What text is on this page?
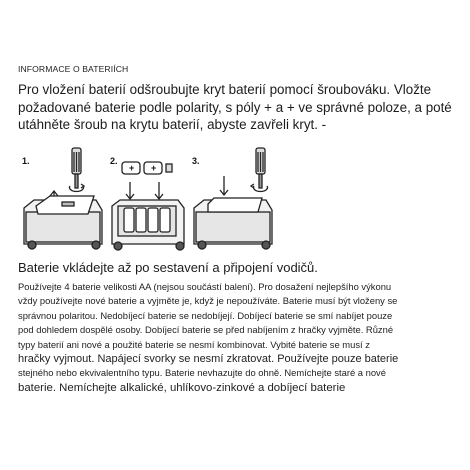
INFORMACE O BATERIÍCH
Pro vložení baterií odšroubujte kryt baterií pomocí šroubováku. Vložte požadované baterie podle polarity, s póly + a + ve správné poloze, a poté utáhněte šroub na krytu baterií, abyste zavřeli kryt. -
1.	2.
+ +
3.
Baterie vkládejte až po sestavení a připojení vodičů.
Používejte 4 baterie velikosti AA (nejsou součástí balení). Pro dosažení nejlepšího výkonu
vždy používejte nové baterie a vyjměte je, když je nepoužíváte. Baterie musí být vloženy se
správnou polaritou. Nedobíjecí baterie se nedobíjejí. Dobíjecí baterie se smí nabíjet pouze
pod dohledem dospělé osoby. Dobíjecí baterie se před nabíjením z hračky vyjměte. Různé
typy baterií ani nové a použité baterie se nesmí kombinovat. Vybité baterie se musí z
hračky vyjmout. Napájecí svorky se nesmí zkratovat. Používejte pouze baterie
stejného nebo ekvivalentního typu. Baterie nevhazujte do ohně. Nemíchejte staré a nové
baterie. Nemíchejte alkalické, uhlíkovo-zinkové a dobíjecí baterie
